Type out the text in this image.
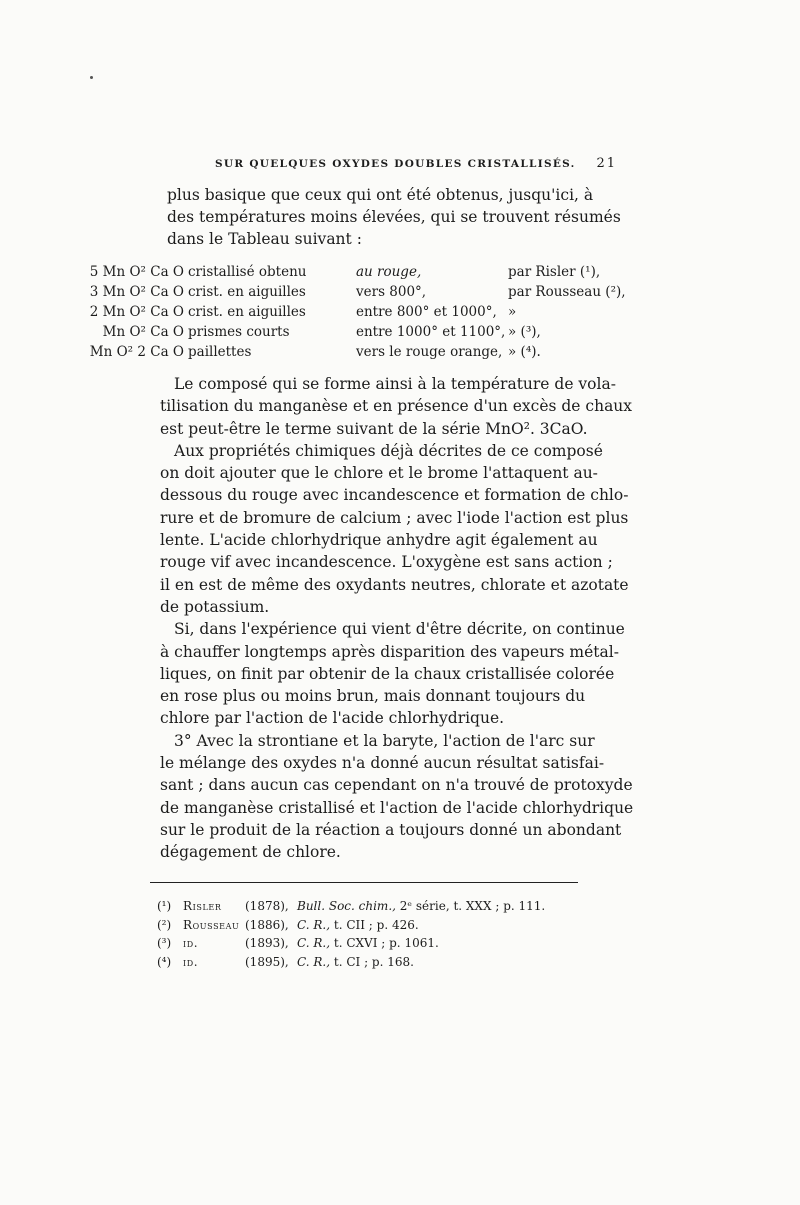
SUR QUELQUES OXYDES DOUBLES CRISTALLISÉS. 21
plus basique que ceux qui ont été obtenus, jusqu'ici, à
des températures moins élevées, qui se trouvent résumés
dans le Tableau suivant :
5 Mn O² Ca O cristallisé obtenu	au rouge,	par Risler (¹),
3 Mn O² Ca O crist. en aiguilles	vers 800°,	par Rousseau (²),
2 Mn O² Ca O crist. en aiguilles	entre 800° et 1000°, »
Mn O² Ca O prismes courts	entre 1000° et 1100°, » (³),
Mn O² 2 Ca O paillettes	vers le rouge orange, » (⁴).
Le composé qui se forme ainsi à la température de vola-
tilisation du manganèse et en présence d'un excès de chaux
est peut-être le terme suivant de la série MnO². 3CaO.
Aux propriétés chimiques déjà décrites de ce composé
on doit ajouter que le chlore et le brome l'attaquent au-
dessous du rouge avec incandescence et formation de chlo-
rure et de bromure de calcium ; avec l'iode l'action est plus
lente. L'acide chlorhydrique anhydre agit également au
rouge vif avec incandescence. L'oxygène est sans action ;
il en est de même des oxydants neutres, chlorate et azotate
de potassium.
Si, dans l'expérience qui vient d'être décrite, on continue
à chauffer longtemps après disparition des vapeurs métal-
liques, on finit par obtenir de la chaux cristallisée colorée
en rose plus ou moins brun, mais donnant toujours du
chlore par l'action de l'acide chlorhydrique.
3° Avec la strontiane et la baryte, l'action de l'arc sur
le mélange des oxydes n'a donné aucun résultat satisfai-
sant ; dans aucun cas cependant on n'a trouvé de protoxyde
de manganèse cristallisé et l'action de l'acide chlorhydrique
sur le produit de la réaction a toujours donné un abondant
dégagement de chlore.
(¹) Risler (1878), Bull. Soc. chim., 2ᵉ série, t. XXX ; p. 111.
(²) Rousseau (1886), C. R., t. CII ; p. 426.
(³) id.	(1893), C. R., t. CXVI ; p. 1061.
(⁴) id.	(1895), C. R., t. CI ; p. 168.
